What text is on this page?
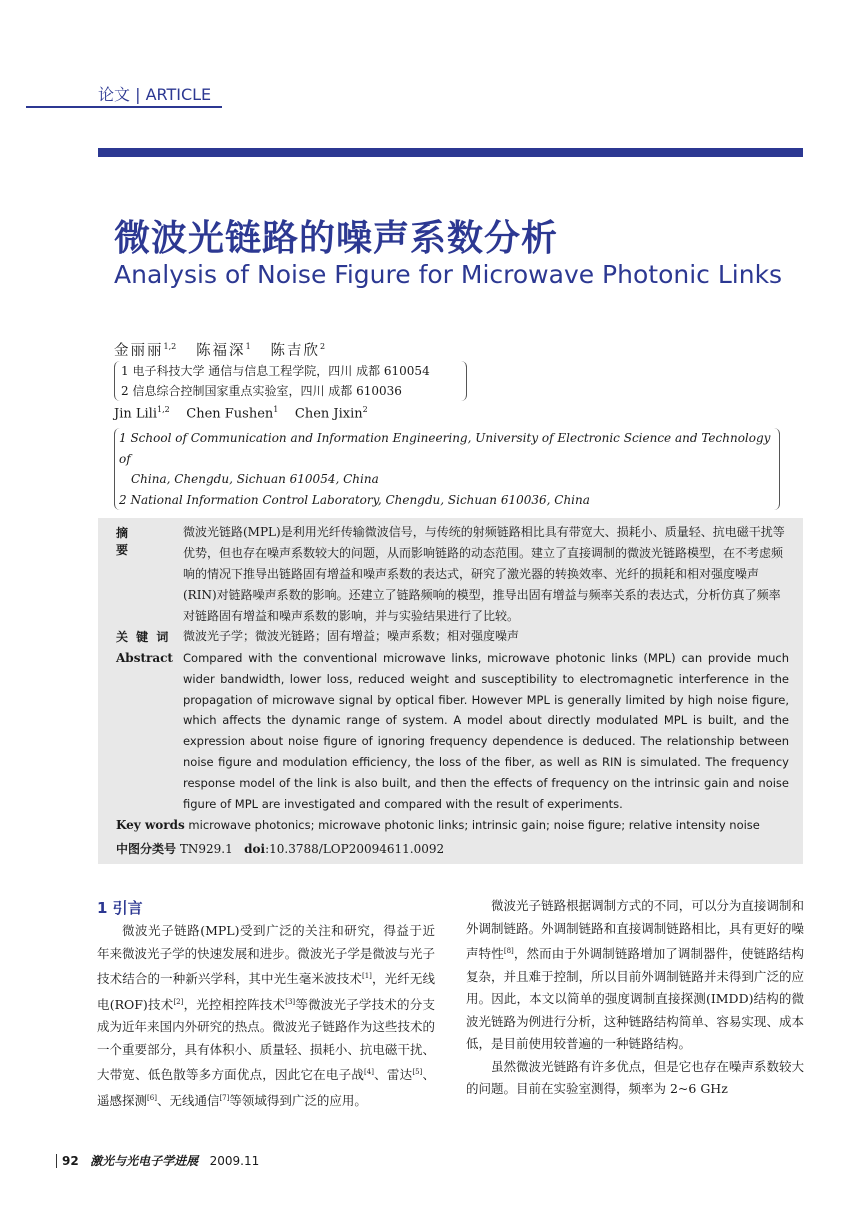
论文 | ARTICLE
微波光链路的噪声系数分析
Analysis of Noise Figure for Microwave Photonic Links
金丽丽$^{1,2}$ 陈福深$^1$ 陈吉欣$^2$
1 电子科技大学 通信与信息工程学院，四川 成都 610054
2 信息综合控制国家重点实验室，四川 成都 610036
Jin Lili$^{1,2}$ Chen Fushen$^1$ Chen Jixin$^2$
1 School of Communication and Information Engineering, University of Electronic Science and Technology of
China, Chengdu, Sichuan 610054, China
2 National Information Control Laboratory, Chengdu, Sichuan 610036, China
摘 要
微波光链路(MPL)是利用光纤传输微波信号，与传统的射频链路相比具有带宽大、损耗小、质量轻、抗电磁干扰等优势，但也存在噪声系数较大的问题，从而影响链路的动态范围。建立了直接调制的微波光链路模型，在不考虑频响的情况下推导出链路固有增益和噪声系数的表达式，研究了激光器的转换效率、光纤的损耗和相对强度噪声(RIN)对链路噪声系数的影响。还建立了链路频响的模型，推导出固有增益与频率关系的表达式，分析仿真了频率对链路固有增益和噪声系数的影响，并与实验结果进行了比较。
关 键 词	微波光子学；微波光链路；固有增益；噪声系数；相对强度噪声
Abstract Compared with the conventional microwave links, microwave photonic links (MPL) can provide much wider bandwidth, lower loss, reduced weight and susceptibility to electromagnetic interference in the propagation of microwave signal by optical fiber. However MPL is generally limited by high noise figure, which affects the dynamic range of system. A model about directly modulated MPL is built, and the expression about noise figure of ignoring frequency dependence is deduced. The relationship between noise figure and modulation efficiency, the loss of the fiber, as well as RIN is simulated. The frequency response model of the link is also built, and then the effects of frequency on the intrinsic gain and noise figure of MPL are investigated and compared with the result of experiments.
Key words microwave photonics; microwave photonic links; intrinsic gain; noise figure; relative intensity noise
中图分类号 TN929.1 doi:10.3788/LOP20094611.0092
1 引言

微波光子链路(MPL)受到广泛的关注和研究，得益于近年来微波光子学的快速发展和进步。微波光子学是微波与光子技术结合的一种新兴学科，其中光生毫米波技术[1]，光纤无线电(ROF)技术[2]，光控相控阵技术[3]等微波光子学技术的分支成为近年来国内外研究的热点。微波光子链路作为这些技术的一个重要部分，具有体积小、质量轻、损耗小、抗电磁干扰、大带宽、低色散等多方面优点，因此它在电子战[4]、雷达[5]、遥感探测[6]、无线通信[7]等领域得到广泛的应用。

微波光子链路根据调制方式的不同，可以分为直接调制和外调制链路。外调制链路和直接调制链路相比，具有更好的噪声特性[8]，然而由于外调制链路增加了调制器件，使链路结构复杂，并且难于控制，所以目前外调制链路并未得到广泛的应用。因此，本文以简单的强度调制直接探测(IMDD)结构的微波光链路为例进行分析，这种链路结构简单、容易实现、成本低，是目前使用较普遍的一种链路结构。

虽然微波光链路有许多优点，但是它也存在噪声系数较大的问题。目前在实验室测得，频率为 2~6 GHz

92 激光与光电子学进展 2009.11
